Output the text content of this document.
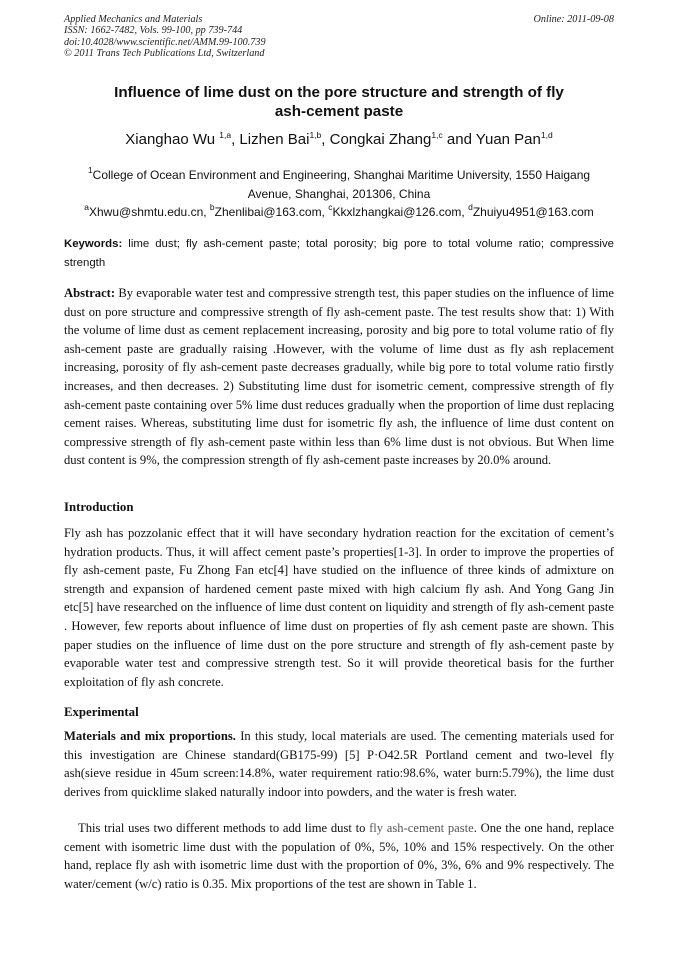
Applied Mechanics and Materials
ISSN: 1662-7482, Vols. 99-100, pp 739-744
doi:10.4028/www.scientific.net/AMM.99-100.739
© 2011 Trans Tech Publications Ltd, Switzerland
Online: 2011-09-08
Influence of lime dust on the pore structure and strength of fly
ash-cement paste
Xianghao Wu $^{1,a}$, Lizhen Bai$^{1,b}$, Congkai Zhang$^{1,c}$ and Yuan Pan$^{1,d}$
$^1$College of Ocean Environment and Engineering, Shanghai Maritime University, 1550 Haigang
Avenue, Shanghai, 201306, China
$^a$Xhwu@shmtu.edu.cn, $^b$Zhenlibai@163.com, $^c$Kkxlzhangkai@126.com, $^d$Zhuiyu4951@163.com
Keywords: lime dust; fly ash-cement paste; total porosity; big pore to total volume ratio; compressive strength
Abstract: By evaporable water test and compressive strength test, this paper studies on the influence of lime dust on pore structure and compressive strength of fly ash-cement paste. The test results show that: 1) With the volume of lime dust as cement replacement increasing, porosity and big pore to total volume ratio of fly ash-cement paste are gradually raising .However, with the volume of lime dust as fly ash replacement increasing, porosity of fly ash-cement paste decreases gradually, while big pore to total volume ratio firstly increases, and then decreases. 2) Substituting lime dust for isometric cement, compressive strength of fly ash-cement paste containing over 5% lime dust reduces gradually when the proportion of lime dust replacing cement raises. Whereas, substituting lime dust for isometric fly ash, the influence of lime dust content on compressive strength of fly ash-cement paste within less than 6% lime dust is not obvious. But When lime dust content is 9%, the compression strength of fly ash-cement paste increases by 20.0% around.
Introduction
Fly ash has pozzolanic effect that it will have secondary hydration reaction for the excitation of cement’s hydration products. Thus, it will affect cement paste’s properties[1-3]. In order to improve the properties of fly ash-cement paste, Fu Zhong Fan etc[4] have studied on the influence of three kinds of admixture on strength and expansion of hardened cement paste mixed with high calcium fly ash. And Yong Gang Jin etc[5] have researched on the influence of lime dust content on liquidity and strength of fly ash-cement paste . However, few reports about influence of lime dust on properties of fly ash cement paste are shown. This paper studies on the influence of lime dust on the pore structure and strength of fly ash-cement paste by evaporable water test and compressive strength test. So it will provide theoretical basis for the further exploitation of fly ash concrete.
Experimental
Materials and mix proportions. In this study, local materials are used. The cementing materials used for this investigation are Chinese standard(GB175-99) [5] P·O42.5R Portland cement and two-level fly ash(sieve residue in 45um screen:14.8%, water requirement ratio:98.6%, water burn:5.79%), the lime dust derives from quicklime slaked naturally indoor into powders, and the water is fresh water.
This trial uses two different methods to add lime dust to fly ash-cement paste. One the one hand, replace cement with isometric lime dust with the population of 0%, 5%, 10% and 15% respectively. On the other hand, replace fly ash with isometric lime dust with the proportion of 0%, 3%, 6% and 9% respectively. The water/cement (w/c) ratio is 0.35. Mix proportions of the test are shown in Table 1.
